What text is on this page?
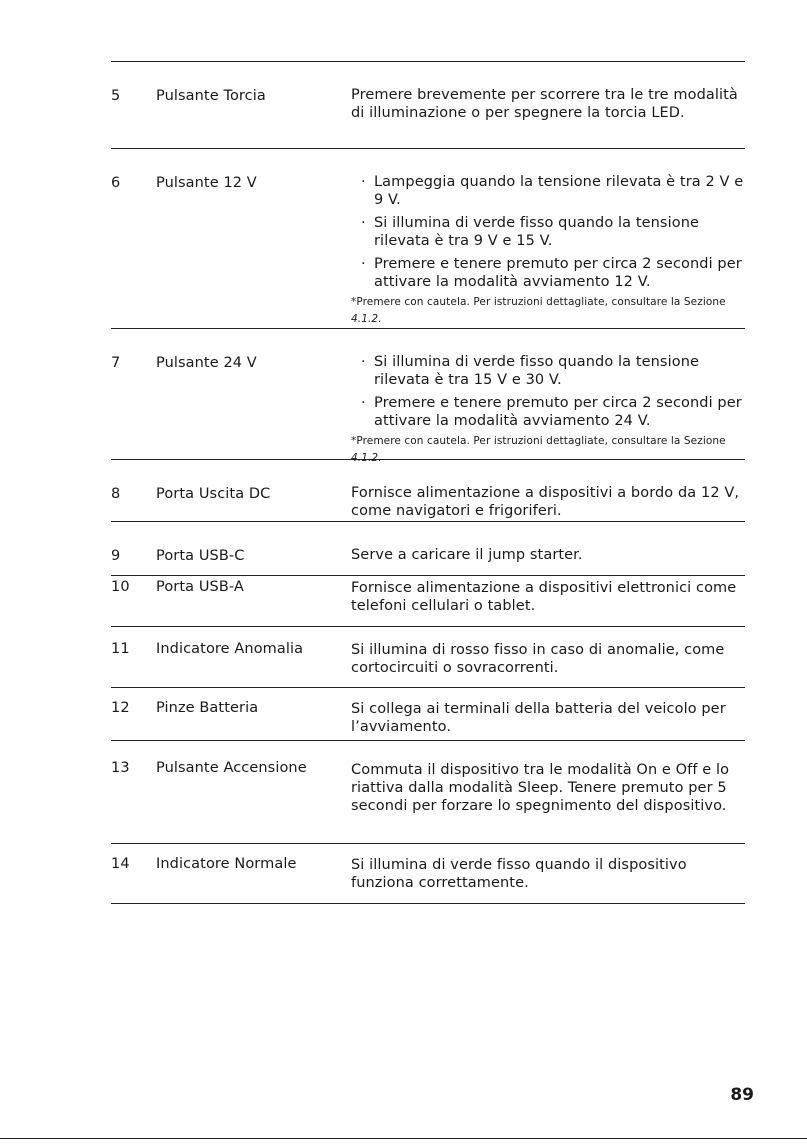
5 Pulsante Torcia	Premere brevemente per scorrere tra le tre modalità di illuminazione o per spegnere la torcia LED.

6 Pulsante 12 V	· Lampeggia quando la tensione rilevata è tra 2 V e 9 V.
· Si illumina di verde fisso quando la tensione rilevata è tra 9 V e 15 V.
· Premere e tenere premuto per circa 2 secondi per attivare la modalità avviamento 12 V.
*Premere con cautela. Per istruzioni dettagliate, consultare la Sezione
4.1.2.
7 Pulsante 24 V	· Si illumina di verde fisso quando la tensione rilevata è tra 15 V e 30 V.
· Premere e tenere premuto per circa 2 secondi per attivare la modalità avviamento 24 V.
*Premere con cautela. Per istruzioni dettagliate, consultare la Sezione
4.1.2.
8 Porta Uscita DC	Fornisce alimentazione a dispositivi a bordo da 12 V, come navigatori e frigoriferi.

9 Porta USB-C	Serve a caricare il jump starter.

10 Porta USB-A	Fornisce alimentazione a dispositivi elettronici come telefoni cellulari o tablet.

11 Indicatore Anomalia	Si illumina di rosso fisso in caso di anomalie, come cortocircuiti o sovracorrenti.

12 Pinze Batteria	Si collega ai terminali della batteria del veicolo per l’avviamento.

13 Pulsante Accensione	Commuta il dispositivo tra le modalità On e Off e lo riattiva dalla modalità Sleep. Tenere premuto per 5 secondi per forzare lo spegnimento del dispositivo.

14 Indicatore Normale	Si illumina di verde fisso quando il dispositivo funziona correttamente.

89
